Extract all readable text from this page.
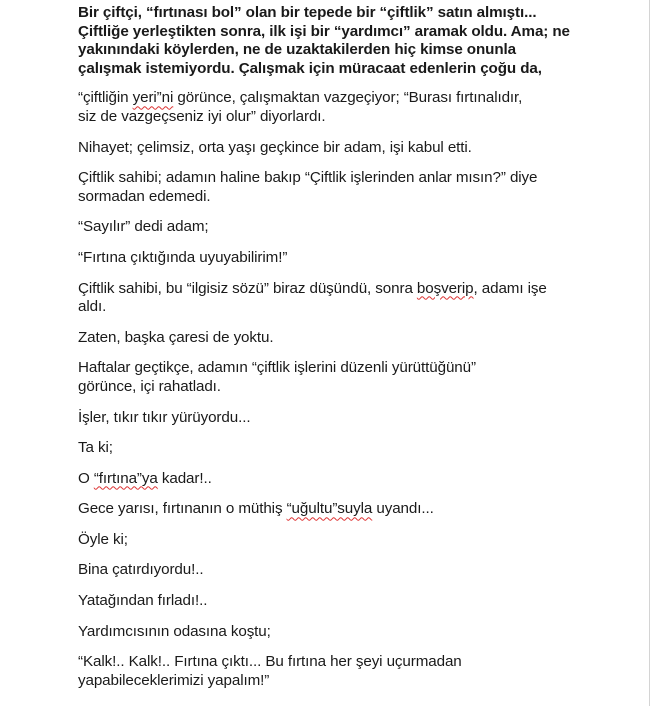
Bir çiftçi, “fırtınası bol” olan bir tepede bir “çiftlik” satın almıştı...
Çiftliğe yerleştikten sonra, ilk işi bir “yardımcı” aramak oldu. Ama; ne
yakınındaki köylerden, ne de uzaktakilerden hiç kimse onunla
çalışmak istemiyordu. Çalışmak için müracaat edenlerin çoğu da,
“çiftliğin yeri”ni görünce, çalışmaktan vazgeçiyor; “Burası fırtınalıdır,
siz de vazgeçseniz iyi olur” diyorlardı.
Nihayet; çelimsiz, orta yaşı geçkince bir adam, işi kabul etti.
Çiftlik sahibi; adamın haline bakıp “Çiftlik işlerinden anlar mısın?” diye
sormadan edemedi.
“Sayılır” dedi adam;
“Fırtına çıktığında uyuyabilirim!”
Çiftlik sahibi, bu “ilgisiz sözü” biraz düşündü, sonra boşverip, adamı işe
aldı.
Zaten, başka çaresi de yoktu.
Haftalar geçtikçe, adamın “çiftlik işlerini düzenli yürüttüğünü”
görünce, içi rahatladı.
İşler, tıkır tıkır yürüyordu...
Ta ki;
O “fırtına”ya kadar!..
Gece yarısı, fırtınanın o müthiş “uğultu”suyla uyandı...
Öyle ki;
Bina çatırdıyordu!..
Yatağından fırladı!..
Yardımcısının odasına koştu;
“Kalk!.. Kalk!.. Fırtına çıktı... Bu fırtına her şeyi uçurmadan
yapabileceklerimizi yapalım!”
